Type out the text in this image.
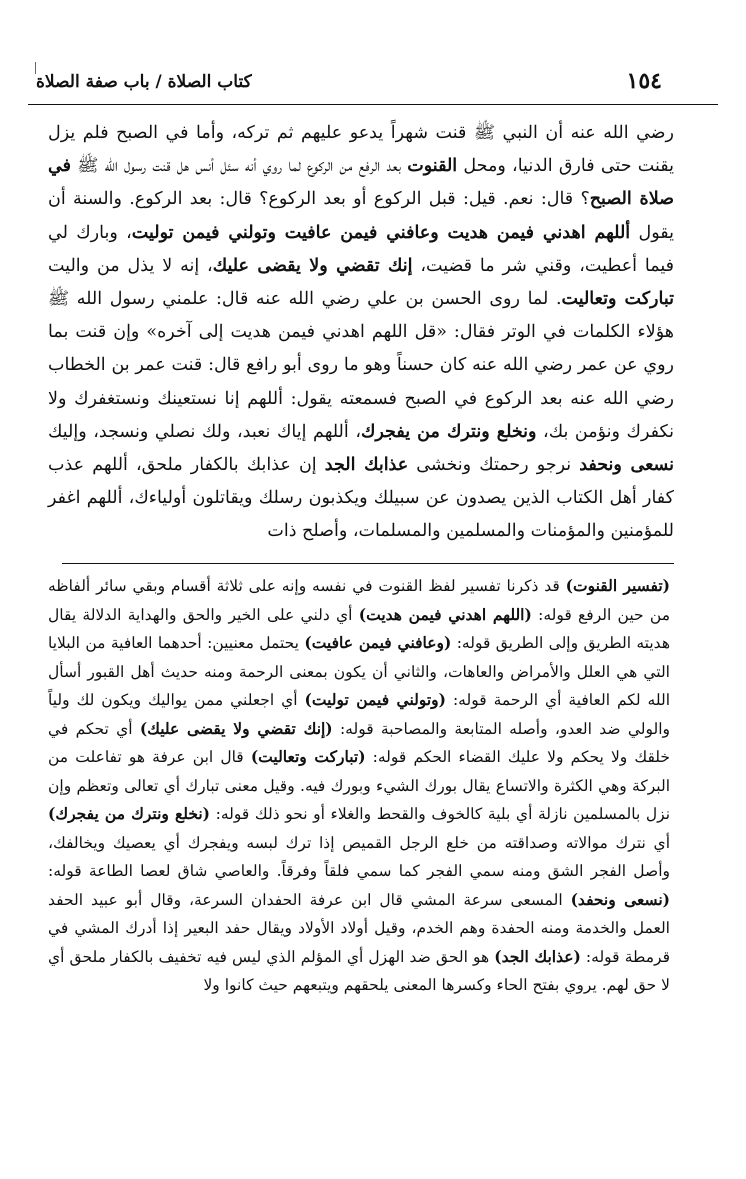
١٥٤
كتاب الصلاة / باب صفة الصلاة

رضي الله عنه أن النبي ﷺ قنت شهراً يدعو عليهم ثم تركه، وأما في الصبح فلم يزل يقنت حتى فارق الدنيا، ومحل القنوت بعد الرفع من الركوع لما روي أنه سئل أنس هل قنت رسول الله ﷺ في صلاة الصبح؟ قال: نعم. قيل: قبل الركوع أو بعد الركوع؟ قال: بعد الركوع. والسنة أن يقول أللهم اهدني فيمن هديت وعافني فيمن عافيت وتولني فيمن توليت، وبارك لي فيما أعطيت، وقني شر ما قضيت، إنك تقضي ولا يقضى عليك، إنه لا يذل من واليت تباركت وتعاليت. لما روى الحسن بن علي رضي الله عنه قال: علمني رسول الله ﷺ هؤلاء الكلمات في الوتر فقال: «قل اللهم اهدني فيمن هديت إلى آخره» وإن قنت بما روي عن عمر رضي الله عنه كان حسناً وهو ما روى أبو رافع قال: قنت عمر بن الخطاب رضي الله عنه بعد الركوع في الصبح فسمعته يقول: أللهم إنا نستعينك ونستغفرك ولا نكفرك ونؤمن بك، ونخلع ونترك من يفجرك، أللهم إياك نعبد، ولك نصلي ونسجد، وإليك نسعى ونحفد نرجو رحمتك ونخشى عذابك الجد إن عذابك بالكفار ملحق، أللهم عذب كفار أهل الكتاب الذين يصدون عن سبيلك ويكذبون رسلك ويقاتلون أولياءك، أللهم اغفر للمؤمنين والمؤمنات والمسلمين والمسلمات، وأصلح ذات

(تفسير القنوت) قد ذكرنا تفسير لفظ القنوت في نفسه وإنه على ثلاثة أقسام وبقي سائر ألفاظه من حين الرفع قوله: (اللهم اهدني فيمن هديت) أي دلني على الخير والحق والهداية الدلالة يقال هديته الطريق وإلى الطريق قوله: (وعافني فيمن عافيت) يحتمل معنيين: أحدهما العافية من البلايا التي هي العلل والأمراض والعاهات، والثاني أن يكون بمعنى الرحمة ومنه حديث أهل القبور أسأل الله لكم العافية أي الرحمة قوله: (وتولني فيمن توليت) أي اجعلني ممن يواليك ويكون لك ولياً والولي ضد العدو، وأصله المتابعة والمصاحبة قوله: (إنك تقضي ولا يقضى عليك) أي تحكم في خلقك ولا يحكم ولا عليك القضاء الحكم قوله: (تباركت وتعاليت) قال ابن عرفة هو تفاعلت من البركة وهي الكثرة والاتساع يقال بورك الشيء وبورك فيه. وقيل معنى تبارك أي تعالى وتعظم وإن نزل بالمسلمين نازلة أي بلية كالخوف والقحط والغلاء أو نحو ذلك قوله: (نخلع ونترك من يفجرك) أي نترك موالاته وصداقته من خلع الرجل القميص إذا ترك لبسه ويفجرك أي يعصيك ويخالفك، وأصل الفجر الشق ومنه سمي الفجر كما سمي فلقاً وفرقاً. والعاصي شاق لعصا الطاعة قوله: (نسعى ونحفد) المسعى سرعة المشي قال ابن عرفة الحفدان السرعة، وقال أبو عبيد الحفد العمل والخدمة ومنه الحفدة وهم الخدم، وقيل أولاد الأولاد ويقال حفد البعير إذا أدرك المشي في قرمطة قوله: (عذابك الجد) هو الحق ضد الهزل أي المؤلم الذي ليس فيه تخفيف بالكفار ملحق أي لا حق لهم. يروي بفتح الحاء وكسرها المعنى يلحقهم ويتبعهم حيث كانوا ولا
